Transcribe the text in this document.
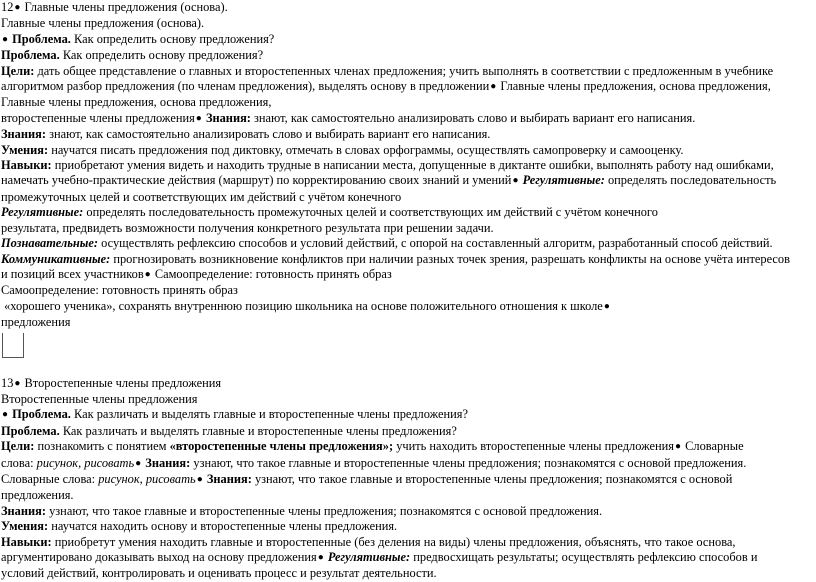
12● Главные члены предложения (основа).
Главные члены предложения (основа).
● Проблема. Как определить основу предложения?
Проблема. Как определить основу предложения?
Цели: дать общее представление о главных и второстепенных членах предложения; учить выполнять в соответствии с предложенным в учебнике
алгоритмом разбор предложения (по членам предложения), выделять основу в предложении● Главные члены предложения, основа предложения,
Главные члены предложения, основа предложения,
второстепенные члены предложения● Знания: знают, как самостоятельно анализировать слово и выбирать вариант его написания.
Знания: знают, как самостоятельно анализировать слово и выбирать вариант его написания.
Умения: научатся писать предложения под диктовку, отмечать в словах орфограммы, осуществлять самопроверку и самооценку.
Навыки: приобретают умения видеть и находить трудные в написании места, допущенные в диктанте ошибки, выполнять работу над ошибками,
намечать учебно-практические действия (маршрут) по корректированию своих знаний и умений● Регулятивные: определять последовательность
промежуточных целей и соответствующих им действий с учётом конечного
Регулятивные: определять последовательность промежуточных целей и соответствующих им действий с учётом конечного
результата, предвидеть возможности получения конкретного результата при решении задачи.
Познавательные: осуществлять рефлексию способов и условий действий, с опорой на составленный алгоритм, разработанный способ действий.
Коммуникативные: прогнозировать возникновение конфликтов при наличии разных точек зрения, разрешать конфликты на основе учёта интересов
и позиций всех участников● Самоопределение: готовность принять образ
Самоопределение: готовность принять образ
«хорошего ученика», сохранять внутреннюю позицию школьника на основе положительного отношения к школе●
предложения
13● Второстепенные члены предложения
Второстепенные члены предложения
● Проблема. Как различать и выделять главные и второстепенные члены предложения?
Проблема. Как различать и выделять главные и второстепенные члены предложения?
Цели: познакомить с понятием «второстепенные члены предложения»; учить находить второстепенные члены предложения● Словарные
слова: рисунок, рисовать● Знания: узнают, что такое главные и второстепенные члены предложения; познакомятся с основой предложения.
Словарные слова: рисунок, рисовать● Знания: узнают, что такое главные и второстепенные члены предложения; познакомятся с основой
предложения.
Знания: узнают, что такое главные и второстепенные члены предложения; познакомятся с основой предложения.
Умения: научатся находить основу и второстепенные члены предложения.
Навыки: приобретут умения находить главные и второстепенные (без деления на виды) члены предложения, объяснять, что такое основа,
аргументировано доказывать выход на основу предложения● Регулятивные: предвосхищать результаты; осуществлять рефлексию способов и
условий действий, контролировать и оценивать процесс и результат деятельности.
